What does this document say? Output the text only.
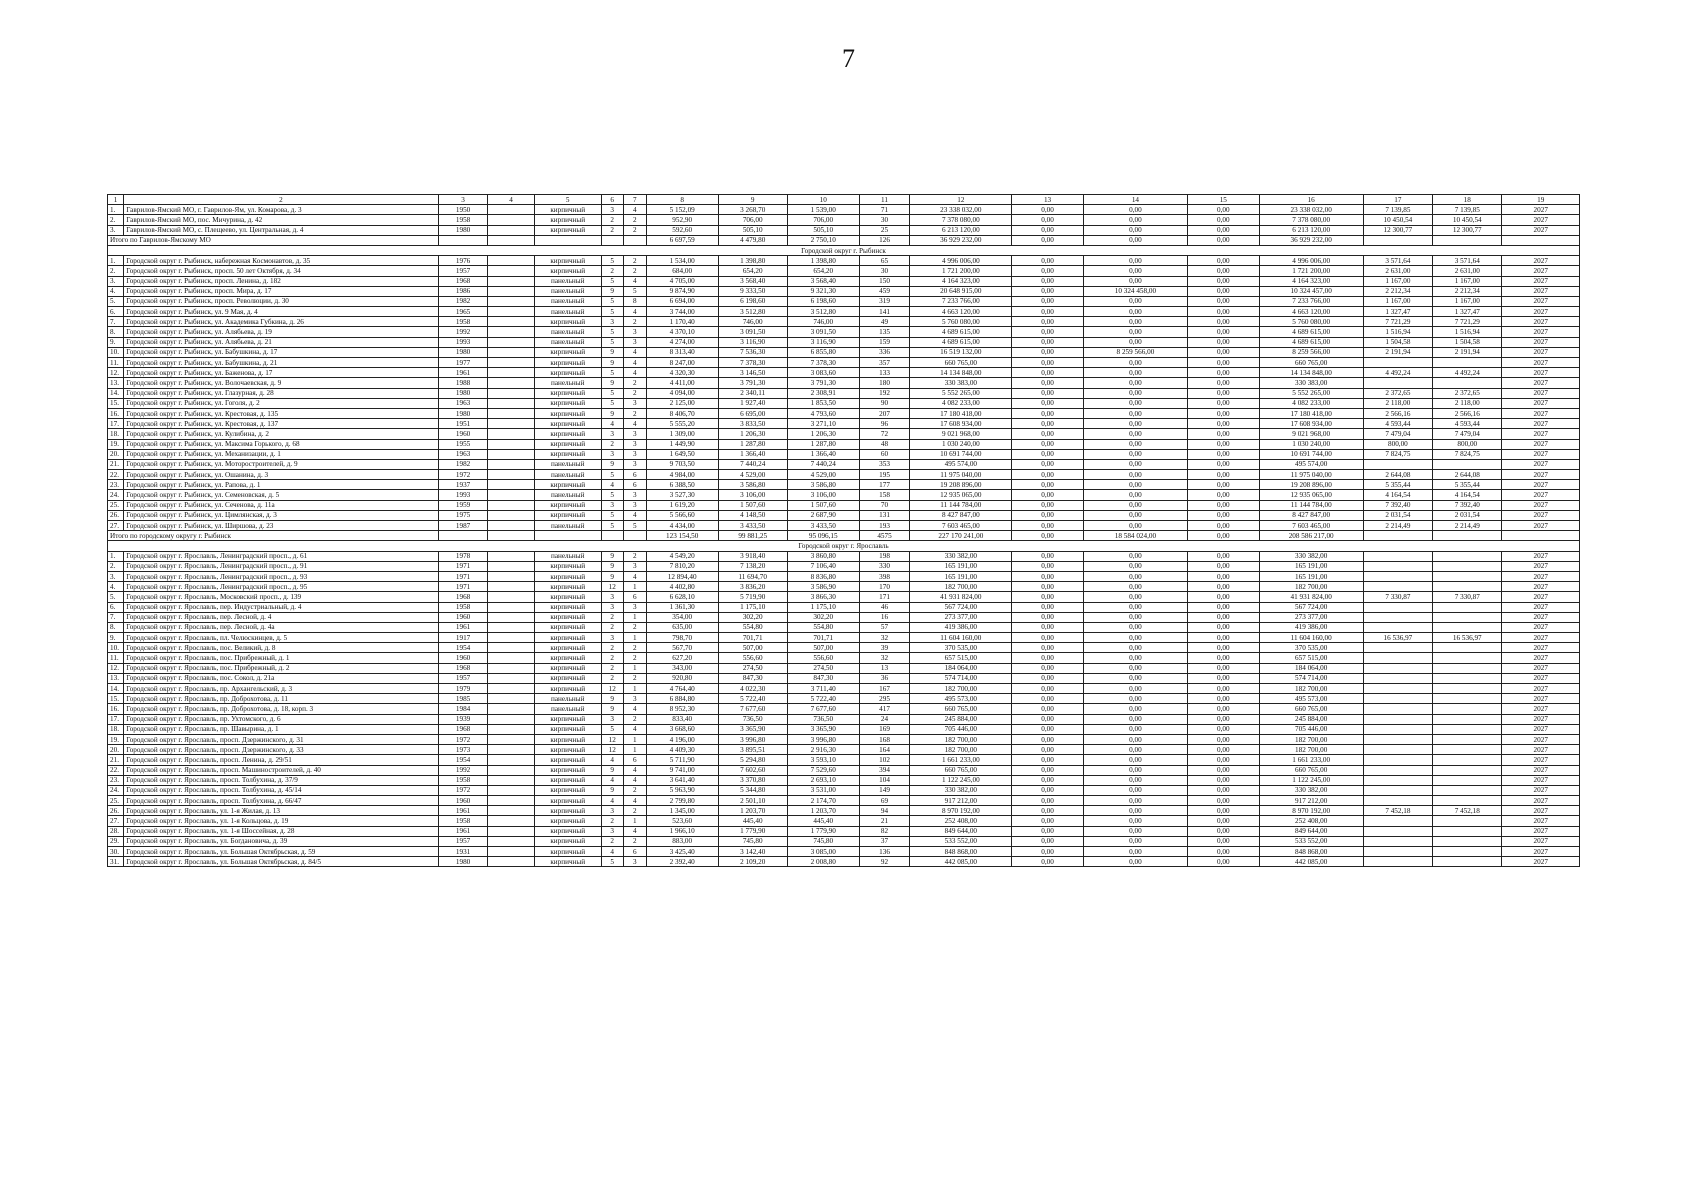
7
1	2	3	4	5	6	7	8	9	10	11	12	13	14	15	16	17	18	19
1.	Гаврилов-Ямский МО, г. Гаврилов-Ям, ул. Комарова, д. 3	1950		кирпичный	3	4	5 152,09	3 268,70	1 539,00	71	23 338 032,00	0,00	0,00	0,00	23 338 032,00	7 139,85	7 139,85	2027
2.	Гаврилов-Ямский МО, пос. Мичурина, д. 42	1958		кирпичный	2	2	952,90	706,00	706,00	30	7 378 080,00	0,00	0,00	0,00	7 378 080,00	10 450,54	10 450,54	2027
3.	Гаврилов-Ямский МО, с. Плещеево, ул. Центральная, д. 4	1980		кирпичный	2	2	592,60	505,10	505,10	25	6 213 120,00	0,00	0,00	0,00	6 213 120,00	12 300,77	12 300,77	2027
Итого по Гаврилов-Ямскому МО							6 697,59	4 479,80	2 750,10	126	36 929 232,00	0,00	0,00	0,00	36 929 232,00			
Городской округ г. Рыбинск																		
1.	Городской округ г. Рыбинск, набережная Космонавтов, д. 35	1976		кирпичный	5	2	1 534,00	1 398,80	1 398,80	65	4 996 006,00	0,00	0,00	0,00	4 996 006,00	3 571,64	3 571,64	2027
2.	Городской округ г. Рыбинск, просп. 50 лет Октября, д. 34	1957		кирпичный	2	2	684,00	654,20	654,20	30	1 721 200,00	0,00	0,00	0,00	1 721 200,00	2 631,00	2 631,00	2027
3.	Городской округ г. Рыбинск, просп. Ленина, д. 182	1968		панельный	5	4	4 705,00	3 568,40	3 568,40	150	4 164 323,00	0,00	0,00	0,00	4 164 323,00	1 167,00	1 167,00	2027
4.	Городской округ г. Рыбинск, просп. Мира, д. 17	1986		панельный	9	5	9 874,90	9 333,50	9 321,30	459	20 648 915,00	0,00	10 324 458,00	0,00	10 324 457,00	2 212,34	2 212,34	2027
5.	Городской округ г. Рыбинск, просп. Революции, д. 30	1982		панельный	5	8	6 694,00	6 198,60	6 198,60	319	7 233 766,00	0,00	0,00	0,00	7 233 766,00	1 167,00	1 167,00	2027
6.	Городской округ г. Рыбинск, ул. 9 Мая, д. 4	1965		панельный	5	4	3 744,00	3 512,80	3 512,80	141	4 663 120,00	0,00	0,00	0,00	4 663 120,00	1 327,47	1 327,47	2027
7.	Городской округ г. Рыбинск, ул. Академика Губкина, д. 26	1958		кирпичный	3	2	1 170,40	746,00	746,00	49	5 760 080,00	0,00	0,00	0,00	5 760 080,00	7 721,29	7 721,29	2027
8.	Городской округ г. Рыбинск, ул. Алябьева, д. 19	1992		панельный	5	3	4 370,10	3 091,50	3 091,50	135	4 689 615,00	0,00	0,00	0,00	4 689 615,00	1 516,94	1 516,94	2027
9.	Городской округ г. Рыбинск, ул. Алябьева, д. 21	1993		панельный	5	3	4 274,00	3 116,90	3 116,90	159	4 689 615,00	0,00	0,00	0,00	4 689 615,00	1 504,58	1 504,58	2027
10.	Городской округ г. Рыбинск, ул. Бабушкина, д. 17	1980		кирпичный	9	4	8 313,40	7 536,30	6 855,80	336	16 519 132,00	0,00	8 259 566,00	0,00	8 259 566,00	2 191,94	2 191,94	2027
11.	Городской округ г. Рыбинск, ул. Бабушкина, д. 21	1977		кирпичный	9	4	8 247,00	7 378,30	7 378,30	357	660 765,00	0,00	0,00	0,00	660 765,00			2027
12.	Городской округ г. Рыбинск, ул. Баженова, д. 17	1961		кирпичный	5	4	4 320,30	3 146,50	3 083,60	133	14 134 848,00	0,00	0,00	0,00	14 134 848,00	4 492,24	4 492,24	2027
13.	Городской округ г. Рыбинск, ул. Волочаевская, д. 9	1988		панельный	9	2	4 411,00	3 791,30	3 791,30	180	330 383,00	0,00	0,00	0,00	330 383,00			2027
14.	Городской округ г. Рыбинск, ул. Глазурная, д. 28	1980		кирпичный	5	2	4 094,00	2 340,11	2 308,91	192	5 552 265,00	0,00	0,00	0,00	5 552 265,00	2 372,65	2 372,65	2027
15.	Городской округ г. Рыбинск, ул. Гоголя, д. 2	1963		кирпичный	5	3	2 125,00	1 927,40	1 853,50	90	4 082 233,00	0,00	0,00	0,00	4 082 233,00	2 118,00	2 118,00	2027
16.	Городской округ г. Рыбинск, ул. Крестовая, д. 135	1980		кирпичный	9	2	8 406,70	6 695,00	4 793,60	207	17 180 418,00	0,00	0,00	0,00	17 180 418,00	2 566,16	2 566,16	2027
17.	Городской округ г. Рыбинск, ул. Крестовая, д. 137	1951		кирпичный	4	4	5 555,20	3 833,50	3 271,10	96	17 608 934,00	0,00	0,00	0,00	17 608 934,00	4 593,44	4 593,44	2027
18.	Городской округ г. Рыбинск, ул. Кулибина, д. 2	1960		кирпичный	3	3	1 309,00	1 206,30	1 206,30	72	9 021 968,00	0,00	0,00	0,00	9 021 968,00	7 479,04	7 479,04	2027
19.	Городской округ г. Рыбинск, ул. Максима Горького, д. 68	1955		кирпичный	2	3	1 449,90	1 287,80	1 287,80	48	1 030 240,00	0,00	0,00	0,00	1 030 240,00	800,00	800,00	2027
20.	Городской округ г. Рыбинск, ул. Механизации, д. 1	1963		кирпичный	3	3	1 649,50	1 366,40	1 366,40	60	10 691 744,00	0,00	0,00	0,00	10 691 744,00	7 824,75	7 824,75	2027
21.	Городской округ г. Рыбинск, ул. Моторостроителей, д. 9	1982		панельный	9	3	9 703,50	7 440,24	7 440,24	353	495 574,00	0,00	0,00	0,00	495 574,00			2027
22.	Городской округ г. Рыбинск, ул. Ошанина, д. 3	1972		панельный	5	6	4 984,00	4 529,00	4 529,00	195	11 975 040,00	0,00	0,00	0,00	11 975 040,00	2 644,08	2 644,08	2027
23.	Городской округ г. Рыбинск, ул. Рапова, д. 1	1937		кирпичный	4	6	6 388,50	3 586,80	3 586,80	177	19 208 896,00	0,00	0,00	0,00	19 208 896,00	5 355,44	5 355,44	2027
24.	Городской округ г. Рыбинск, ул. Семеновская, д. 5	1993		панельный	5	3	3 527,30	3 106,00	3 106,00	158	12 935 065,00	0,00	0,00	0,00	12 935 065,00	4 164,54	4 164,54	2027
25.	Городской округ г. Рыбинск, ул. Сеченова, д. 11а	1959		кирпичный	3	3	1 619,20	1 507,60	1 507,60	70	11 144 784,00	0,00	0,00	0,00	11 144 784,00	7 392,40	7 392,40	2027
26.	Городской округ г. Рыбинск, ул. Цимлянская, д. 3	1975		кирпичный	5	4	5 566,60	4 148,50	2 687,90	131	8 427 847,00	0,00	0,00	0,00	8 427 847,00	2 031,54	2 031,54	2027
27.	Городской округ г. Рыбинск, ул. Ширшова, д. 23	1987		панельный	5	5	4 434,00	3 433,50	3 433,50	193	7 603 465,00	0,00	0,00	0,00	7 603 465,00	2 214,49	2 214,49	2027
Итого по городскому округу г. Рыбинск							123 154,50	99 881,25	95 096,15	4575	227 170 241,00	0,00	18 584 024,00	0,00	208 586 217,00			
Городской округ г. Ярославль																		
1.	Городской округ г. Ярославль, Ленинградский просп., д. 61	1978		панельный	9	2	4 549,20	3 918,40	3 860,80	198	330 382,00	0,00	0,00	0,00	330 382,00			2027
2.	Городской округ г. Ярославль, Ленинградский просп., д. 91	1971		кирпичный	9	3	7 810,20	7 138,20	7 106,40	330	165 191,00	0,00	0,00	0,00	165 191,00			2027
3.	Городской округ г. Ярославль, Ленинградский просп., д. 93	1971		кирпичный	9	4	12 894,40	11 694,70	8 836,80	398	165 191,00	0,00	0,00	0,00	165 191,00			2027
4.	Городской округ г. Ярославль, Ленинградский просп., д. 95	1971		кирпичный	12	1	4 402,80	3 836,20	3 586,90	170	182 700,00	0,00	0,00	0,00	182 700,00			2027
5.	Городской округ г. Ярославль, Московский просп., д. 139	1968		кирпичный	3	6	6 628,10	5 719,90	3 866,30	171	41 931 824,00	0,00	0,00	0,00	41 931 824,00	7 330,87	7 330,87	2027
6.	Городской округ г. Ярославль, пер. Индустриальный, д. 4	1958		кирпичный	3	3	1 361,30	1 175,10	1 175,10	46	567 724,00	0,00	0,00	0,00	567 724,00			2027
7.	Городской округ г. Ярославль, пер. Лесной, д. 4	1960		кирпичный	2	1	354,00	302,20	302,20	16	273 377,00	0,00	0,00	0,00	273 377,00			2027
8.	Городской округ г. Ярославль, пер. Лесной, д. 4а	1961		кирпичный	2	2	635,00	554,80	554,80	57	419 386,00	0,00	0,00	0,00	419 386,00			2027
9.	Городской округ г. Ярославль, пл. Челюскинцев, д. 5	1917		кирпичный	3	1	798,70	701,71	701,71	32	11 604 160,00	0,00	0,00	0,00	11 604 160,00	16 536,97	16 536,97	2027
10.	Городской округ г. Ярославль, пос. Великий, д. 8	1954		кирпичный	2	2	567,70	507,00	507,00	39	370 535,00	0,00	0,00	0,00	370 535,00			2027
11.	Городской округ г. Ярославль, пос. Прибрежный, д. 1	1960		кирпичный	2	2	627,20	556,60	556,60	32	657 515,00	0,00	0,00	0,00	657 515,00			2027
12.	Городской округ г. Ярославль, пос. Прибрежный, д. 2	1968		кирпичный	2	1	343,00	274,50	274,50	13	184 064,00	0,00	0,00	0,00	184 064,00			2027
13.	Городской округ г. Ярославль, пос. Сокол, д. 21а	1957		кирпичный	2	2	920,80	847,30	847,30	36	574 714,00	0,00	0,00	0,00	574 714,00			2027
14.	Городской округ г. Ярославль, пр. Архангельский, д. 3	1979		кирпичный	12	1	4 764,40	4 022,30	3 711,40	167	182 700,00	0,00	0,00	0,00	182 700,00			2027
15.	Городской округ г. Ярославль, пр. Доброхотова, д. 11	1985		панельный	9	3	6 884,80	5 722,40	5 722,40	295	495 573,00	0,00	0,00	0,00	495 573,00			2027
16.	Городской округ г. Ярославль, пр. Доброхотова, д. 18, корп. 3	1984		панельный	9	4	8 952,30	7 677,60	7 677,60	417	660 765,00	0,00	0,00	0,00	660 765,00			2027
17.	Городской округ г. Ярославль, пр. Ухтомского, д. 6	1939		кирпичный	3	2	833,40	736,50	736,50	24	245 884,00	0,00	0,00	0,00	245 884,00			2027
18.	Городской округ г. Ярославль, пр. Шавырина, д. 1	1968		кирпичный	5	4	3 668,60	3 365,90	3 365,90	169	705 446,00	0,00	0,00	0,00	705 446,00			2027
19.	Городской округ г. Ярославль, просп. Дзержинского, д. 31	1972		кирпичный	12	1	4 196,00	3 996,80	3 996,80	168	182 700,00	0,00	0,00	0,00	182 700,00			2027
20.	Городской округ г. Ярославль, просп. Дзержинского, д. 33	1973		кирпичный	12	1	4 409,30	3 895,51	2 916,30	164	182 700,00	0,00	0,00	0,00	182 700,00			2027
21.	Городской округ г. Ярославль, просп. Ленина, д. 29/51	1954		кирпичный	4	6	5 711,90	5 294,80	3 593,10	102	1 661 233,00	0,00	0,00	0,00	1 661 233,00			2027
22.	Городской округ г. Ярославль, просп. Машиностроителей, д. 40	1992		кирпичный	9	4	9 741,00	7 602,60	7 529,60	394	660 765,00	0,00	0,00	0,00	660 765,00			2027
23.	Городской округ г. Ярославль, просп. Толбухина, д. 37/9	1958		кирпичный	4	4	3 641,40	3 370,80	2 693,10	104	1 122 245,00	0,00	0,00	0,00	1 122 245,00			2027
24.	Городской округ г. Ярославль, просп. Толбухина, д. 45/14	1972		кирпичный	9	2	5 963,90	5 344,80	3 531,00	149	330 382,00	0,00	0,00	0,00	330 382,00			2027
25.	Городской округ г. Ярославль, просп. Толбухина, д. 66/47	1960		кирпичный	4	4	2 799,80	2 501,10	2 174,70	69	917 212,00	0,00	0,00	0,00	917 212,00			2027
26.	Городской округ г. Ярославль, ул. 1-я Жилая, д. 13	1961		кирпичный	3	2	1 345,00	1 203,70	1 203,70	94	8 970 192,00	0,00	0,00	0,00	8 970 192,00	7 452,18	7 452,18	2027
27.	Городской округ г. Ярославль, ул. 1-я Кольцова, д. 19	1958		кирпичный	2	1	523,60	445,40	445,40	21	252 408,00	0,00	0,00	0,00	252 408,00			2027
28.	Городской округ г. Ярославль, ул. 1-я Шоссейная, д. 28	1961		кирпичный	3	4	1 966,10	1 779,90	1 779,90	82	849 644,00	0,00	0,00	0,00	849 644,00			2027
29.	Городской округ г. Ярославль, ул. Богдановича, д. 39	1957		кирпичный	2	2	883,00	745,80	745,80	37	533 552,00	0,00	0,00	0,00	533 552,00			2027
30.	Городской округ г. Ярославль, ул. Большая Октябрьская, д. 59	1931		кирпичный	4	6	3 425,40	3 142,40	3 085,00	136	848 868,00	0,00	0,00	0,00	848 868,00			2027
31.	Городской округ г. Ярославль, ул. Большая Октябрьская, д. 84/5	1980		кирпичный	5	3	2 392,40	2 109,20	2 008,80	92	442 085,00	0,00	0,00	0,00	442 085,00			2027
